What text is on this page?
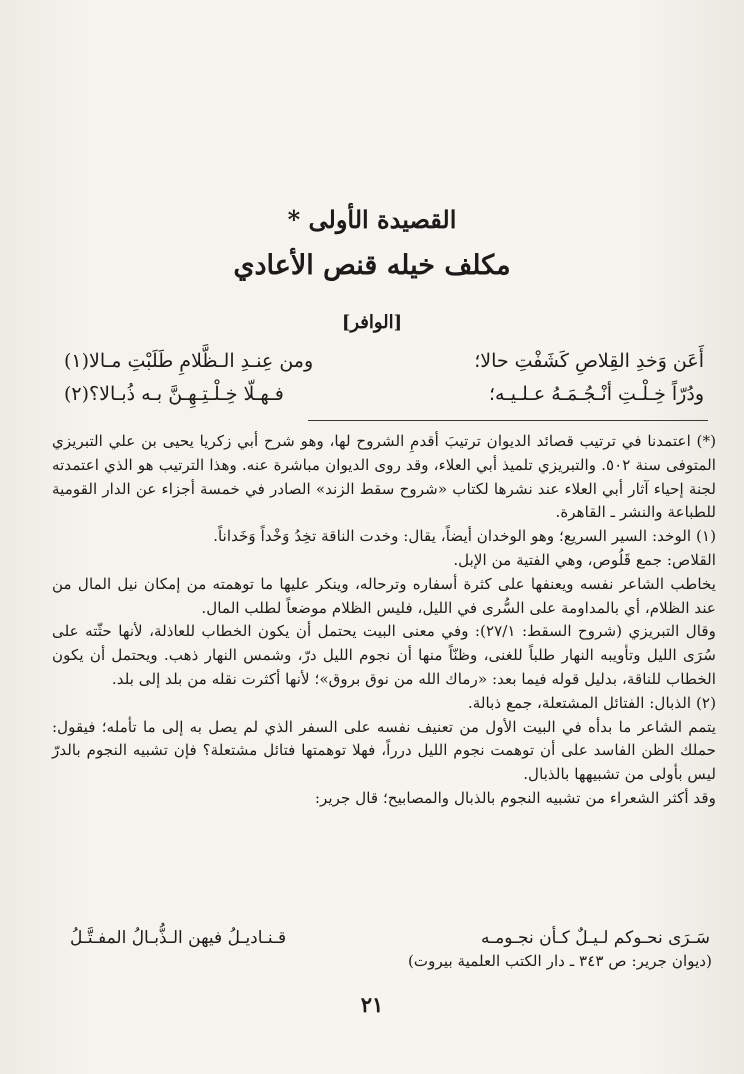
القصيدة الأولى *
مكلف خيله قنص الأعادي
[الوافر]
أَعَن وَخدِ القِلاصِ كَشَفْتِ حالا؛
ومن عِنـدِ الـظَّلامِ طَلَبْتِ مـالا(١)
ودُرّاً خِـلْـتِ أنْـجُـمَـهُ عـلـيـه؛
فـهـلّا خِـلْـتِـهِـنَّ بـه ذُبـالا؟(٢)

(*) اعتمدنا في ترتيب قصائد الديوان ترتيبَ أقدمِ الشروح لها، وهو شرح أبي زكريا يحيى بن علي التبريزي المتوفى سنة ٥٠٢. والتبريزي تلميذ أبي العلاء، وقد روى الديوان مباشرة عنه. وهذا الترتيب هو الذي اعتمدته لجنة إحياء آثار أبي العلاء عند نشرها لكتاب «شروح سقط الزند» الصادر في خمسة أجزاء عن الدار القومية للطباعة والنشر ـ القاهرة.

(١) الوخد: السير السريع؛ وهو الوخدان أيضاً، يقال: وخدت الناقة تخِدُ وَخْداً وَخَداناً.

القلاص: جمع قَلُوص، وهي الفتية من الإبل.

يخاطب الشاعر نفسه ويعنفها على كثرة أسفاره وترحاله، وينكر عليها ما توهمته من إمكان نيل المال من عند الظلام، أي بالمداومة على السُّرى في الليل، فليس الظلام موضعاً لطلب المال.

وقال التبريزي (شروح السقط: ٢٧/١): وفي معنى البيت يحتمل أن يكون الخطاب للعاذلة، لأنها حثّته على سُرَى الليل وتأويبه النهار طلباً للغنى، وظنّاً منها أن نجوم الليل درّ، وشمس النهار ذهب. ويحتمل أن يكون الخطاب للناقة، بدليل قوله فيما بعد: «رماك الله من نوق بروق»؛ لأنها أكثرت نقله من بلد إلى بلد.

(٢) الذبال: الفتائل المشتعلة، جمع ذبالة.

يتمم الشاعر ما بدأه في البيت الأول من تعنيف نفسه على السفر الذي لم يصل به إلى ما تأمله؛ فيقول: حملك الظن الفاسد على أن توهمت نجوم الليل درراً، فهلا توهمتها فتائل مشتعلة؟ فإن تشبيه النجوم بالدرّ ليس بأولى من تشبيهها بالذبال.

وقد أكثر الشعراء من تشبيه النجوم بالذبال والمصابيح؛ قال جرير:

سَـرَى نحـوكم لـيـلٌ كـأن نجـومـه
قـنـاديـلُ فيهن الـذُّبـالُ المفـتَّـلُ
(ديوان جرير: ص ٣٤٣ ـ دار الكتب العلمية بيروت)
٢١
